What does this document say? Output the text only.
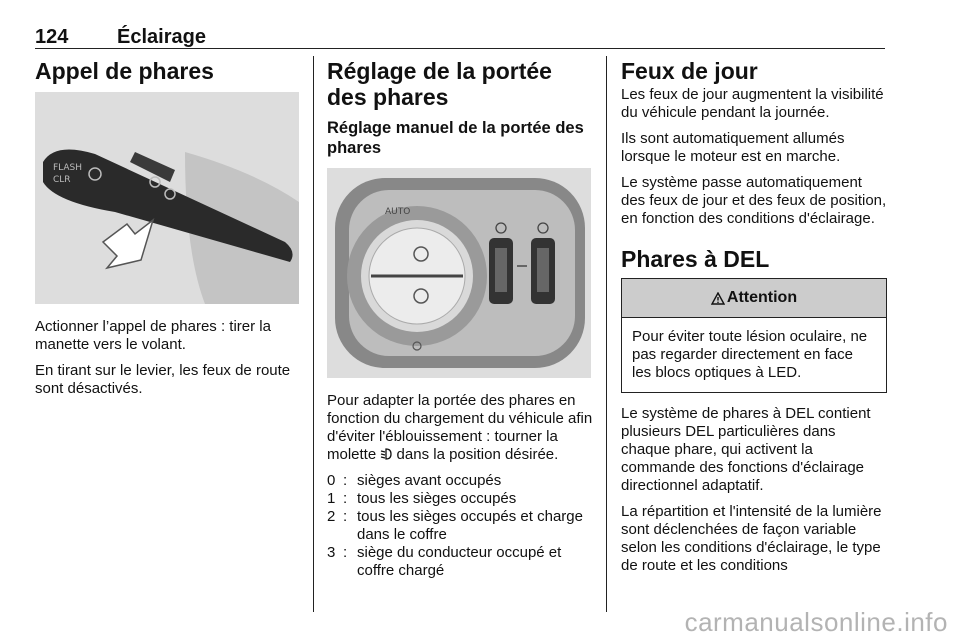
124 Éclairage
Appel de phares
FLASH
CLR

Actionner l’appel de phares : tirer la manette vers le volant.

En tirant sur le levier, les feux de route sont désactivés.

Réglage de la portée des phares
Réglage manuel de la portée des phares
AUTO

Pour adapter la portée des phares en fonction du chargement du véhicule afin d'éviter l'éblouissement : tourner la molette dans la position désirée.

0 : sièges avant occupés
1 : tous les sièges occupés
2 : tous les sièges occupés et charge dans le coffre
3 : siège du conducteur occupé et coffre chargé
Feux de jour

Les feux de jour augmentent la visibilité du véhicule pendant la journée.

Ils sont automatiquement allumés lorsque le moteur est en marche.

Le système passe automatiquement des feux de jour et des feux de position, en fonction des conditions d'éclairage.

Phares à DEL
Attention

Pour éviter toute lésion oculaire, ne pas regarder directement en face les blocs optiques à LED.

Le système de phares à DEL contient plusieurs DEL particulières dans chaque phare, qui activent la commande des fonctions d'éclairage directionnel adaptatif.

La répartition et l'intensité de la lumière sont déclenchées de façon variable selon les conditions d'éclairage, le type de route et les conditions

carmanualsonline.info
